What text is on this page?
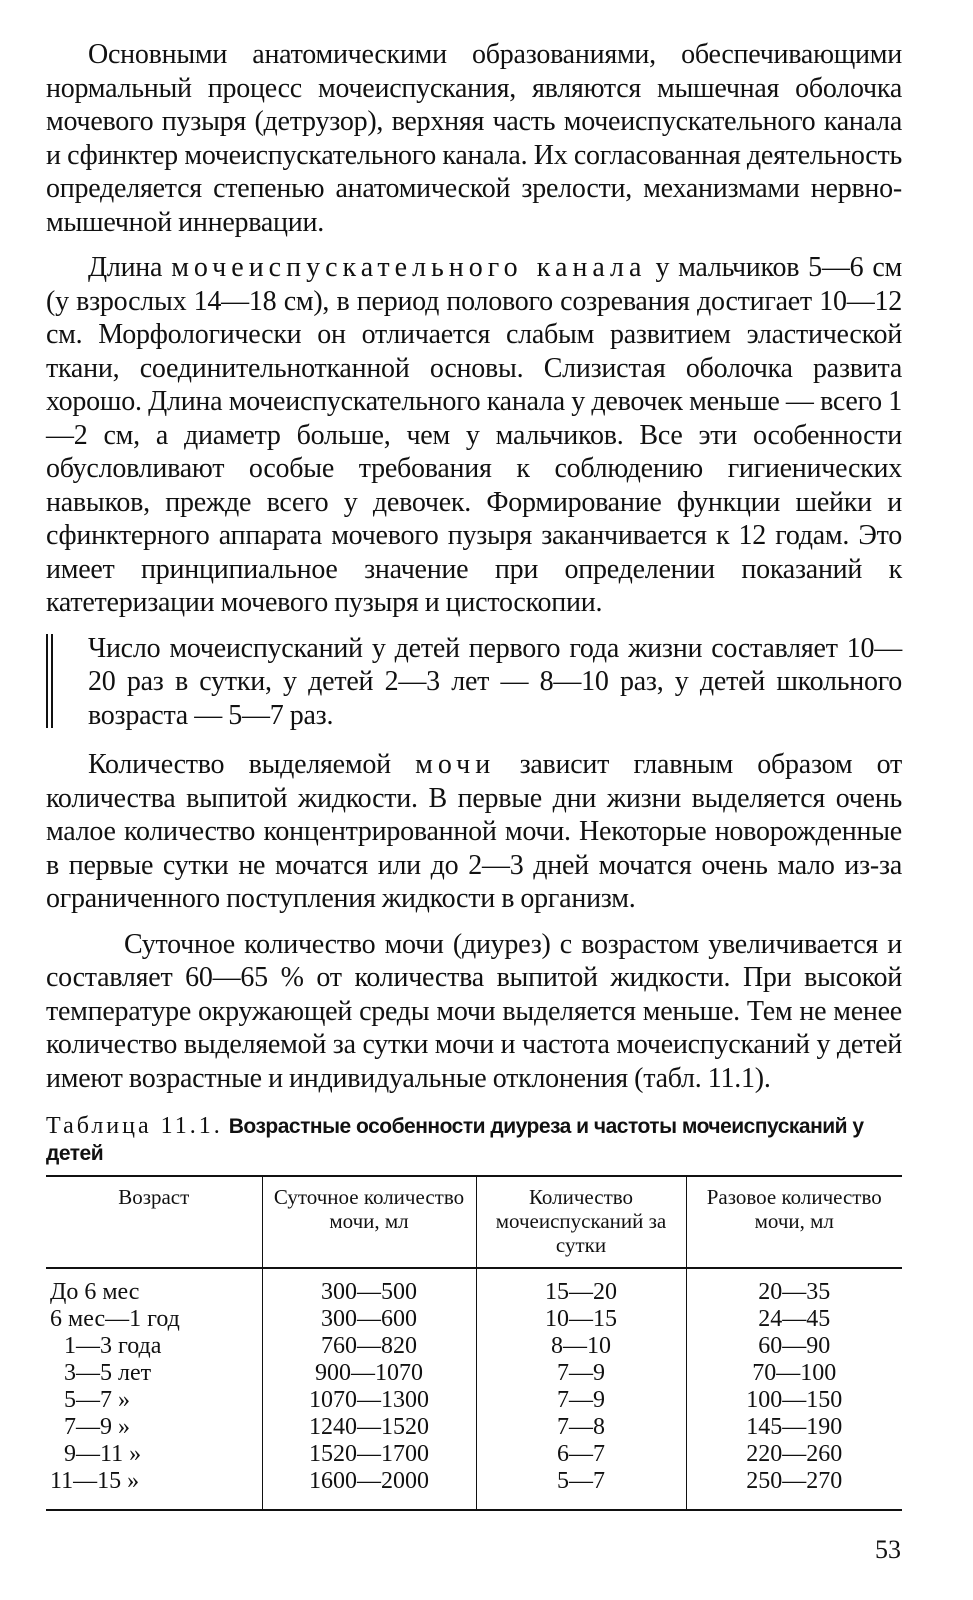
Основными анатомическими образованиями, обеспечивающими нормальный процесс мочеиспускания, являются мышечная оболочка мочевого пузыря (детрузор), верхняя часть мочеиспускательного канала и сфинктер мочеиспускательного канала. Их согласованная деятельность определяется степенью анатомической зрелости, механизмами нервно-мышечной иннервации.

Длина мочеиспускательного канала у мальчиков 5—6 см (у взрослых 14—18 см), в период полового созревания достигает 10—12 см. Морфологически он отличается слабым развитием эластической ткани, соединительнотканной основы. Слизистая оболочка развита хорошо. Длина мочеиспускательного канала у девочек меньше — всего 1—2 см, а диаметр больше, чем у мальчиков. Все эти особенности обусловливают особые требования к соблюдению гигиенических навыков, прежде всего у девочек. Формирование функции шейки и сфинктерного аппарата мочевого пузыря заканчивается к 12 годам. Это имеет принципиальное значение при определении показаний к катетеризации мочевого пузыря и цистоскопии.

Число мочеиспусканий у детей первого года жизни составляет 10—20 раз в сутки, у детей 2—3 лет — 8—10 раз, у детей школьного возраста — 5—7 раз.

Количество выделяемой мочи зависит главным образом от количества выпитой жидкости. В первые дни жизни выделяется очень малое количество концентрированной мочи. Некоторые новорожденные в первые сутки не мочатся или до 2—3 дней мочатся очень мало из-за ограниченного поступления жидкости в организм.

Суточное количество мочи (диурез) с возрастом увеличивается и составляет 60—65 % от количества выпитой жидкости. При высокой температуре окружающей среды мочи выделяется меньше. Тем не менее количество выделяемой за сутки мочи и частота мочеиспусканий у детей имеют возрастные и индивидуальные отклонения (табл. 11.1).

Таблица 11.1. Возрастные особенности диуреза и частоты мочеиспусканий у детей
Возраст	Суточное количество мочи, мл	Количество мочеиспусканий за сутки	Разовое количество мочи, мл
До 6 мес	300—500	15—20	20—35
6 мес—1 год	300—600	10—15	24—45
1—3 года	760—820	8—10	60—90
3—5 лет	900—1070	7—9	70—100
5—7 »	1070—1300	7—9	100—150
7—9 »	1240—1520	7—8	145—190
9—11 »	1520—1700	6—7	220—260
11—15 »	1600—2000	5—7	250—270
53
